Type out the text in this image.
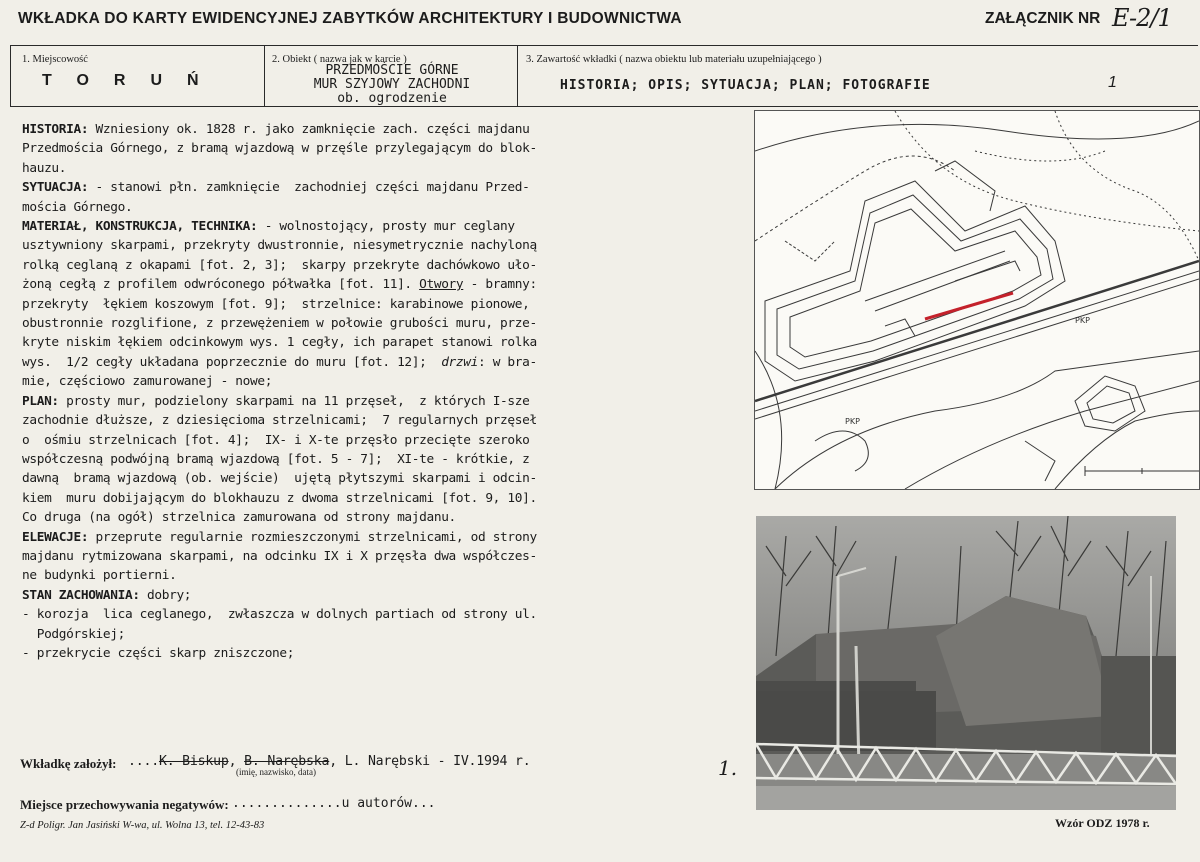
WKŁADKA DO KARTY EWIDENCYJNEJ ZABYTKÓW ARCHITEKTURY I BUDOWNICTWA	ZAŁĄCZNIK NR E-2/1
1. Miejscowość
TORUŃ
2. Obiekt ( nazwa jak w karcie )
PRZEDMOŚCIE GÓRNE
MUR SZYJOWY ZACHODNI
ob. ogrodzenie
3. Zawartość wkładki ( nazwa obiektu lub materiału uzupełniającego )
HISTORIA; OPIS; SYTUACJA; PLAN; FOTOGRAFIE	1
HISTORIA: Wzniesiony ok. 1828 r. jako zamknięcie zach. części majdanu
Przedmościa Górnego, z bramą wjazdową w przęśle przylegającym do blok-
hauzu.
SYTUACJA: - stanowi płn. zamknięcie  zachodniej części majdanu Przed-
mościa Górnego.
MATERIAŁ, KONSTRUKCJA, TECHNIKA: - wolnostojący, prosty mur ceglany
usztywniony skarpami, przekryty dwustronnie, niesymetrycznie nachyloną
rolką ceglaną z okapami [fot. 2, 3];  skarpy przekryte dachówkowo uło-
żoną cegłą z profilem odwróconego półwałka [fot. 11]. Otwory - bramny:
przekryty  łękiem koszowym [fot. 9];  strzelnice: karabinowe pionowe,
obustronnie rozglifione, z przewężeniem w połowie grubości muru, prze-
kryte niskim łękiem odcinkowym wys. 1 cegły, ich parapet stanowi rolka
wys.  1/2 cegły układana poprzecznie do muru [fot. 12];  drzwi: w bra-
mie, częściowo zamurowanej - nowe;
PLAN: prosty mur, podzielony skarpami na 11 przęseł,  z których I-sze
zachodnie dłuższe, z dziesięcioma strzelnicami;  7 regularnych przęseł
o  ośmiu strzelnicach [fot. 4];  IX- i X-te przęsło przecięte szeroko
współczesną podwójną bramą wjazdową [fot. 5 - 7];  XI-te - krótkie, z
dawną  bramą wjazdową (ob. wejście)  ujętą płytszymi skarpami i odcin-
kiem  muru dobijającym do blokhauzu z dwoma strzelnicami [fot. 9, 10].
Co druga (na ogół) strzelnica zamurowana od strony majdanu.
ELEWACJE: przeprute regularnie rozmieszczonymi strzelnicami, od strony
majdanu rytmizowana skarpami, na odcinku IX i X przęsła dwa współczes-
ne budynki portierni.
STAN ZACHOWANIA: dobry;
- korozja  lica ceglanego,  zwłaszcza w dolnych partiach od strony ul.
Podgórskiej;
- przekrycie części skarp zniszczone;
PKP
PKP
Wkładkę założył: ....K. Biskup, B. Narębska, L. Narębski - IV.1994 r.
(imię, nazwisko, data)	1.
Miejsce przechowywania negatywów: ..............u autorów...
Z-d Poligr. Jan Jasiński W-wa, ul. Wolna 13, tel. 12-43-83	Wzór ODZ 1978 r.
